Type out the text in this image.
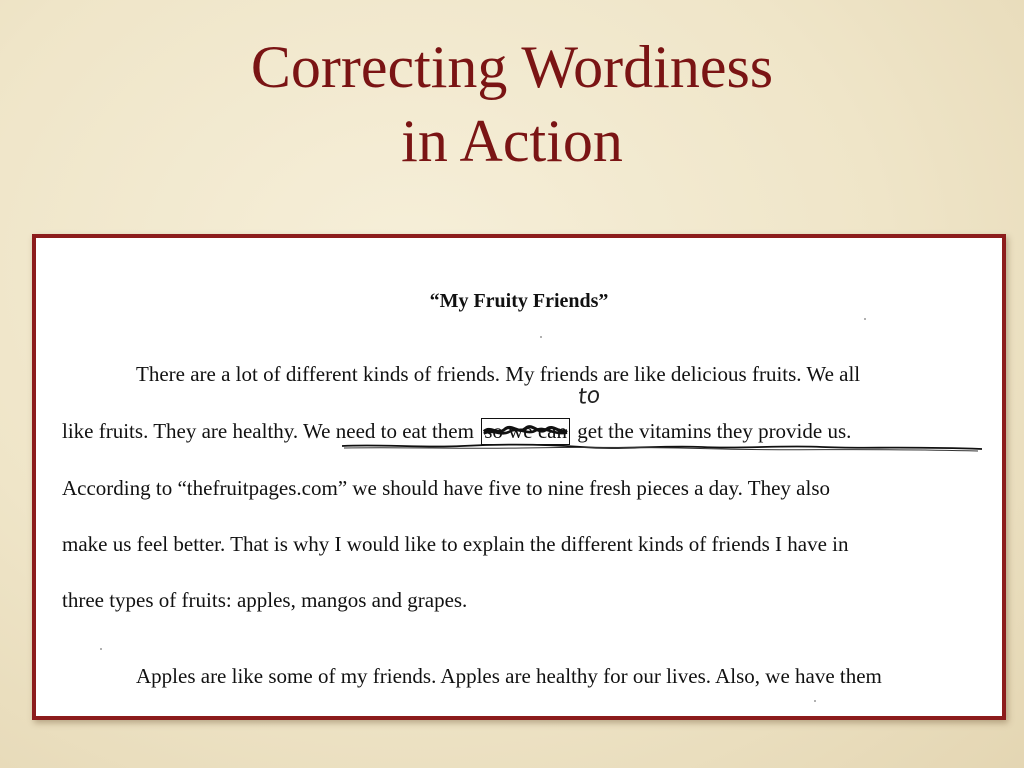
Correcting Wordiness
in Action
“My Fruity Friends”
to
There are a lot of different kinds of friends. My friends are like delicious fruits. We all
like fruits. They are healthy. We need to eat them so we can
get the vitamins they provide us.
According to “thefruitpages.com” we should have five to nine fresh pieces a day. They also
make us feel better. That is why I would like to explain the different kinds of friends I have in
three types of fruits: apples, mangos and grapes.
Apples are like some of my friends. Apples are healthy for our lives. Also, we have them
